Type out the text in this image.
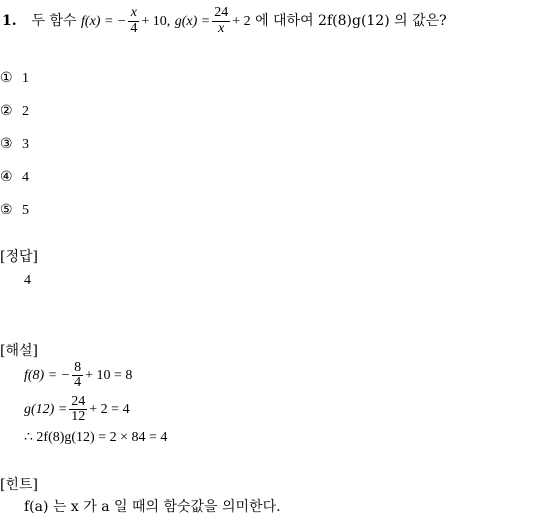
1. 두 함수 f(x) = − $\frac{x}{4} + 10$, $g(x) = \frac{24}{x} + 2$ 에 대하여 2f(8)g(12) 의 값은?
① 1
② 2
③ 3
④ 4
⑤ 5
[정답]
4
[해설]
f(8) = − $\frac{8}{4} + 10 = 8$
$g(12) = \frac{24}{12} + 2 = 4$
∴ 2f(8)g(12) = 2 × 84 = 4
[힌트]
f(a) 는 x 가 a 일 때의 함숫값을 의미한다.
